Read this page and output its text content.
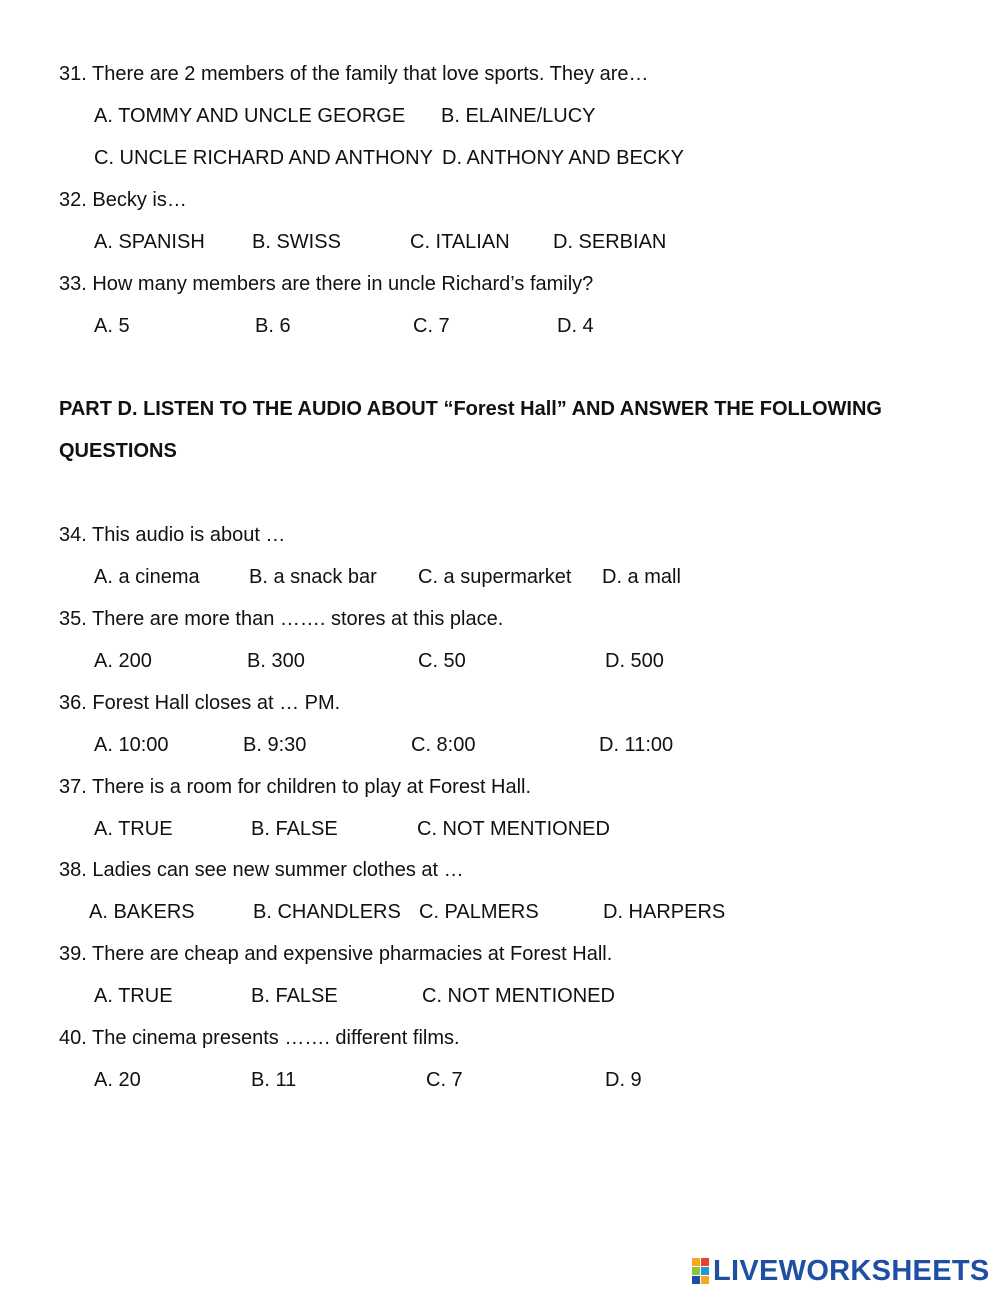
31. There are 2 members of the family that love sports. They are…
A. TOMMY AND UNCLE GEORGE B. ELAINE/LUCY
C. UNCLE RICHARD AND ANTHONY D. ANTHONY AND BECKY
32. Becky is…
A. SPANISH B. SWISS	C. ITALIAN D. SERBIAN
33. How many members are there in uncle Richard’s family?
A. 5	B. 6	C. 7	D. 4
PART D. LISTEN TO THE AUDIO ABOUT “Forest Hall” AND ANSWER THE FOLLOWING
QUESTIONS
34. This audio is about …
A. a cinema B. a snack bar C. a supermarket D. a mall
35. There are more than ……. stores at this place.
A. 200	B. 300	C. 50	D. 500
36. Forest Hall closes at … PM.
A. 10:00	B. 9:30	C. 8:00	D. 11:00
37. There is a room for children to play at Forest Hall.
A. TRUE	B. FALSE	C. NOT MENTIONED
38. Ladies can see new summer clothes at …
A. BAKERS	B. CHANDLERS C. PALMERS	D. HARPERS
39. There are cheap and expensive pharmacies at Forest Hall.
A. TRUE	B. FALSE	C. NOT MENTIONED
40. The cinema presents ……. different films.
A. 20	B. 11	C. 7	D. 9
LIVEWORKSHEETS
